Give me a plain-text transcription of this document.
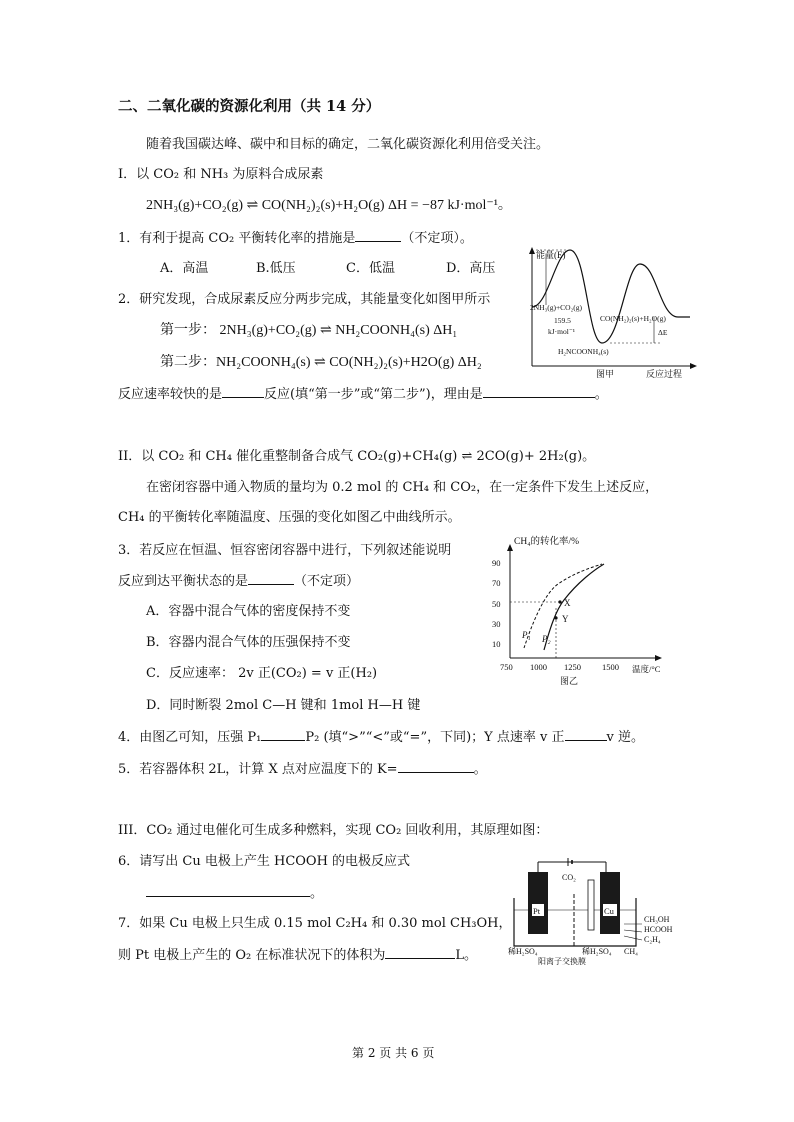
二、二氧化碳的资源化利用（共 14 分）
随着我国碳达峰、碳中和目标的确定，二氧化碳资源化利用倍受关注。
I．以 CO₂ 和 NH₃ 为原料合成尿素
2NH₃(g)+CO₂(g) ⇌ CO(NH₂)₂(s)+H₂O(g) ΔH = −87 kJ·mol⁻¹。
1．有利于提高 CO₂ 平衡转化率的措施是	（不定项）。
A．高温	B.低压	C．低温	D．高压
2．研究发现，合成尿素反应分两步完成，其能量变化如图甲所示
第一步： 2NH₃(g)+CO₂(g) ⇌ NH₂COONH₄(s) ΔH₁
第二步：NH₂COONH₄(s) ⇌ CO(NH₂)₂(s)+H2O(g) ΔH₂
反应速率较快的是	反应(填“第一步”或“第二步”)，理由是	。
II．以 CO₂ 和 CH₄ 催化重整制备合成气 CO₂(g)+CH₄(g) ⇌ 2CO(g)+ 2H₂(g)。
在密闭容器中通入物质的量均为 0.2 mol 的 CH₄ 和 CO₂，在一定条件下发生上述反应，
CH₄ 的平衡转化率随温度、压强的变化如图乙中曲线所示。
3．若反应在恒温、恒容密闭容器中进行，下列叙述能说明
反应到达平衡状态的是	（不定项）
A．容器中混合气体的密度保持不变
B．容器内混合气体的压强保持不变
C．反应速率： 2v 正(CO₂) = v 正(H₂)
D．同时断裂 2mol C—H 键和 1mol H—H 键
4．由图乙可知，压强 P₁	P₂ (填“>”“<”或“=”，下同)；Y 点速率 v 正	v 逆。
5．若容器体积 2L，计算 X 点对应温度下的 K=	。
III．CO₂ 通过电催化可生成多种燃料，实现 CO₂ 回收利用，其原理如图：
6．请写出 Cu 电极上产生 HCOOH 的电极反应式
。
7．如果 Cu 电极上只生成 0.15 mol C₂H₄ 和 0.30 mol CH₃OH，
则 Pt 电极上产生的 O₂ 在标准状况下的体积为	L。
第 2 页 共 6 页
能量(E)
2NH₃(g)+CO₂(g)
159.5
kJ·mol⁻¹
CO(NH₂)₂(s)+H₂O(g)
ΔE
H₂NCOONH₄(s)
图甲	反应过程
CH₄的转化率/%
90
70
50
30
10
750 1000 1250 1500 温度/°C
图乙
X
Y
P₁ P₂
Pt	Cu
CO₂
CH₃OH
HCOOH
C₂H₄
CH₄
稀H₂SO₄	稀H₂SO₄
阳离子交换膜
